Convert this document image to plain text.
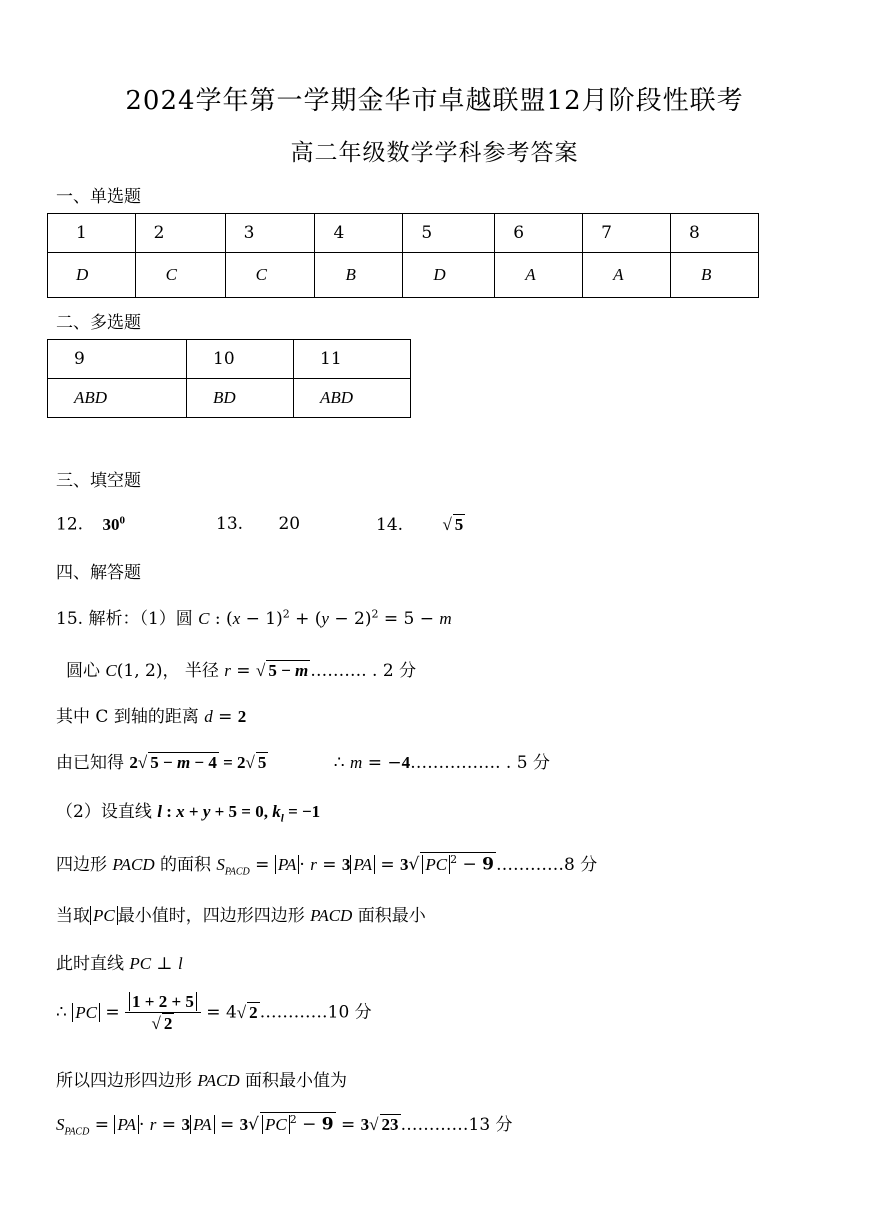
2024学年第一学期金华市卓越联盟12月阶段性联考
高二年级数学学科参考答案
一、单选题
1	2	3	4	5	6	7	8
D	C	C	B	D	A	A	B
二、多选题
9	10	11
ABD	BD	ABD
三、填空题
12. $30^0$	13. 20	14. √ 5
四、解答题
15. 解析：（1）圆 C : $(x - 1)^2 + (y - 2)^2 = 5 - m$
圆心 C(1, 2)， 半径 r = √ 5 − m ………. . 2 分
其中 C 到轴的距离 d = 2
由已知得 2√ 5 − m − 4 = 2√ 5	∴ m = −4……………. . 5 分
（2）设直线 l : x + y + 5 = 0, $k_l = -1$
四边形 PACD 的面积 $S_{PACD}$ = PA · r = 3 PA = 3√ PC $^2$ − 9 …………8 分
当取 PC 最小值时，四边形四边形 PACD 面积最小
此时直线 PC ⊥ l
∴ PC = $\frac{1 + 2 + 5}{√ 2} = 4√$ 2 …………10 分
所以四边形四边形 PACD 面积最小值为
$S_{PACD}$ = PA · r = 3 PA = 3√ PC $^2$ − 9 = 3√ 23 …………13 分
